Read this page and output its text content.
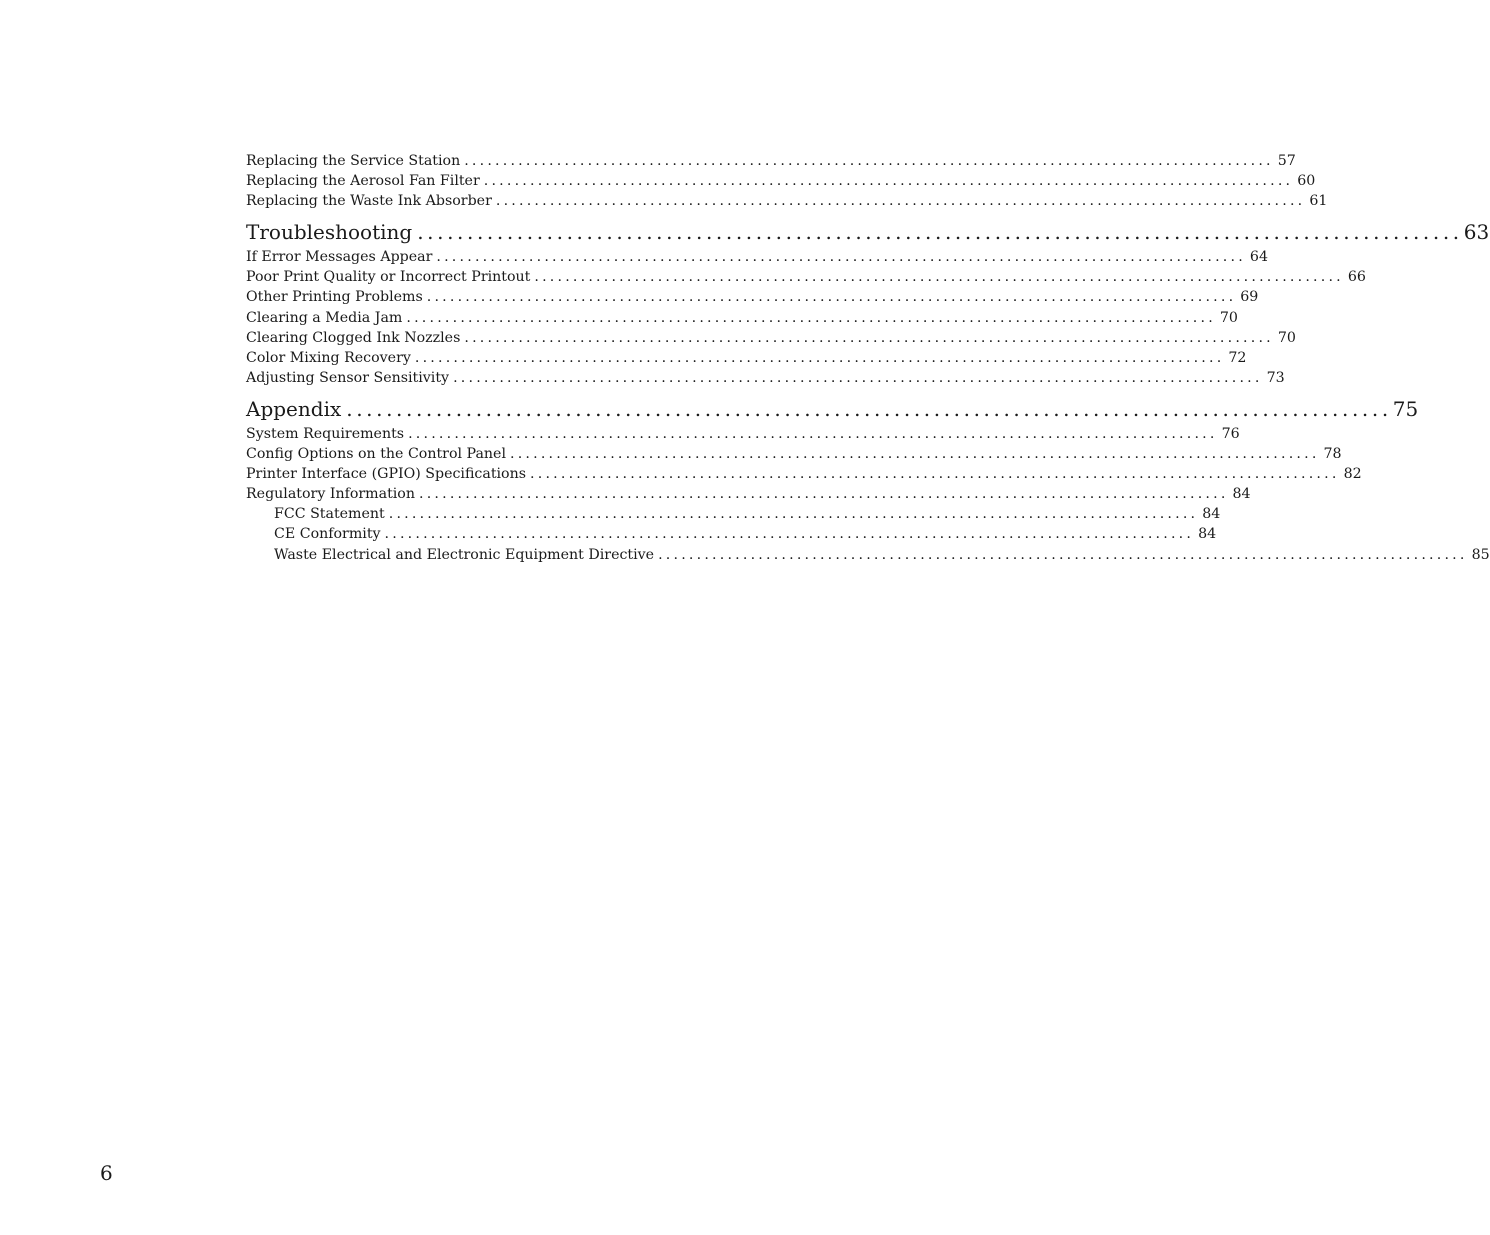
Replacing the Service Station ......................................................................................................... 57
Replacing the Aerosol Fan Filter ......................................................................................................... 60
Replacing the Waste Ink Absorber ......................................................................................................... 61
Troubleshooting ......................................................................................................... 63
If Error Messages Appear ......................................................................................................... 64
Poor Print Quality or Incorrect Printout ......................................................................................................... 66
Other Printing Problems ......................................................................................................... 69
Clearing a Media Jam ......................................................................................................... 70
Clearing Clogged Ink Nozzles ......................................................................................................... 70
Color Mixing Recovery ......................................................................................................... 72
Adjusting Sensor Sensitivity ......................................................................................................... 73
Appendix ......................................................................................................... 75
System Requirements ......................................................................................................... 76
Config Options on the Control Panel ......................................................................................................... 78
Printer Interface (GPIO) Specifications ......................................................................................................... 82
Regulatory Information ......................................................................................................... 84
FCC Statement ......................................................................................................... 84
CE Conformity ......................................................................................................... 84
Waste Electrical and Electronic Equipment Directive ......................................................................................................... 85
6
